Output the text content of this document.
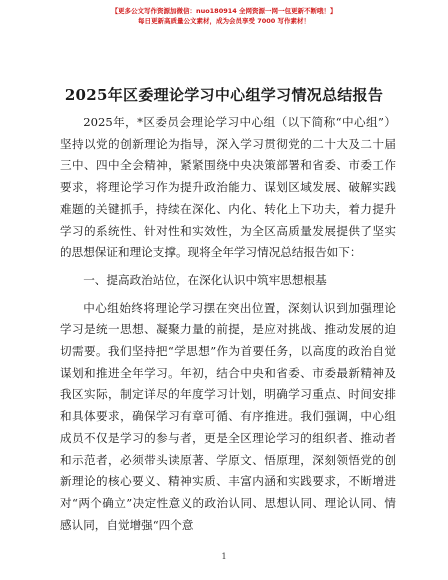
【更多公文写作资源加微信：nuo180914 全网资源一网一包更新不断哦！】
每日更新高质量公文素材，成为会员享受 7000 写作素材！
2025年区委理论学习中心组学习情况总结报告

2025年，*区委员会理论学习中心组（以下简称“中心组”）坚持以党的创新理论为指导，深入学习贯彻党的二十大及二十届三中、四中全会精神，紧紧围绕中央决策部署和省委、市委工作要求，将理论学习作为提升政治能力、谋划区域发展、破解实践难题的关键抓手，持续在深化、内化、转化上下功夫，着力提升学习的系统性、针对性和实效性，为全区高质量发展提供了坚实的思想保证和理论支撑。现将全年学习情况总结报告如下：

一、提高政治站位，在深化认识中筑牢思想根基

中心组始终将理论学习摆在突出位置，深刻认识到加强理论学习是统一思想、凝聚力量的前提，是应对挑战、推动发展的迫切需要。我们坚持把“学思想”作为首要任务，以高度的政治自觉谋划和推进全年学习。年初，结合中央和省委、市委最新精神及我区实际，制定详尽的年度学习计划，明确学习重点、时间安排和具体要求，确保学习有章可循、有序推进。我们强调，中心组成员不仅是学习的参与者，更是全区理论学习的组织者、推动者和示范者，必须带头读原著、学原文、悟原理，深刻领悟党的创新理论的核心要义、精神实质、丰富内涵和实践要求，不断增进对“两个确立”决定性意义的政治认同、思想认同、理论认同、情感认同，自觉增强“四个意

1
